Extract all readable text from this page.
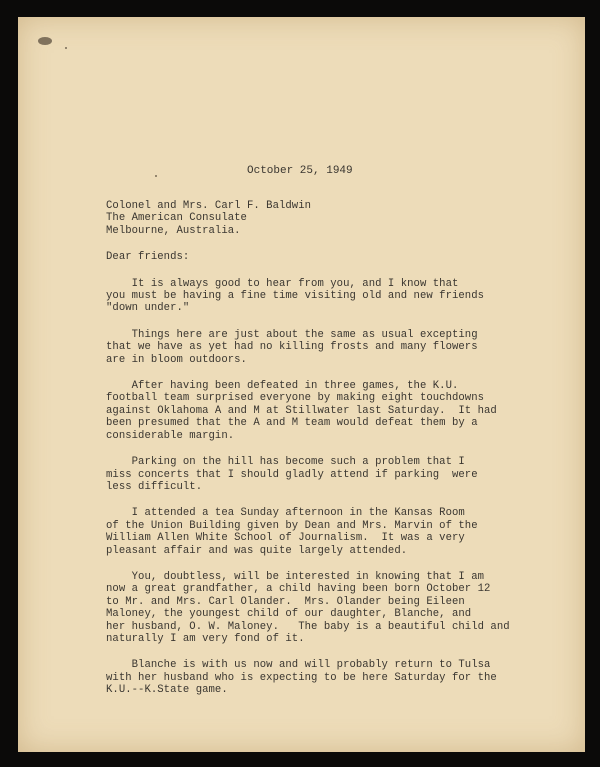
October 25, 1949
Colonel and Mrs. Carl F. Baldwin
The American Consulate
Melbourne, Australia.
Dear friends:
It is always good to hear from you, and I know that
you must be having a fine time visiting old and new friends
"down under."
Things here are just about the same as usual excepting
that we have as yet had no killing frosts and many flowers
are in bloom outdoors.
After having been defeated in three games, the K.U.
football team surprised everyone by making eight touchdowns
against Oklahoma A and M at Stillwater last Saturday.  It had
been presumed that the A and M team would defeat them by a
considerable margin.
Parking on the hill has become such a problem that I
miss concerts that I should gladly attend if parking  were
less difficult.
I attended a tea Sunday afternoon in the Kansas Room
of the Union Building given by Dean and Mrs. Marvin of the
William Allen White School of Journalism.  It was a very
pleasant affair and was quite largely attended.
You, doubtless, will be interested in knowing that I am
now a great grandfather, a child having been born October 12
to Mr. and Mrs. Carl Olander.  Mrs. Olander being Eileen
Maloney, the youngest child of our daughter, Blanche, and
her husband, O. W. Maloney.   The baby is a beautiful child and
naturally I am very fond of it.
Blanche is with us now and will probably return to Tulsa
with her husband who is expecting to be here Saturday for the
K.U.--K.State game.
